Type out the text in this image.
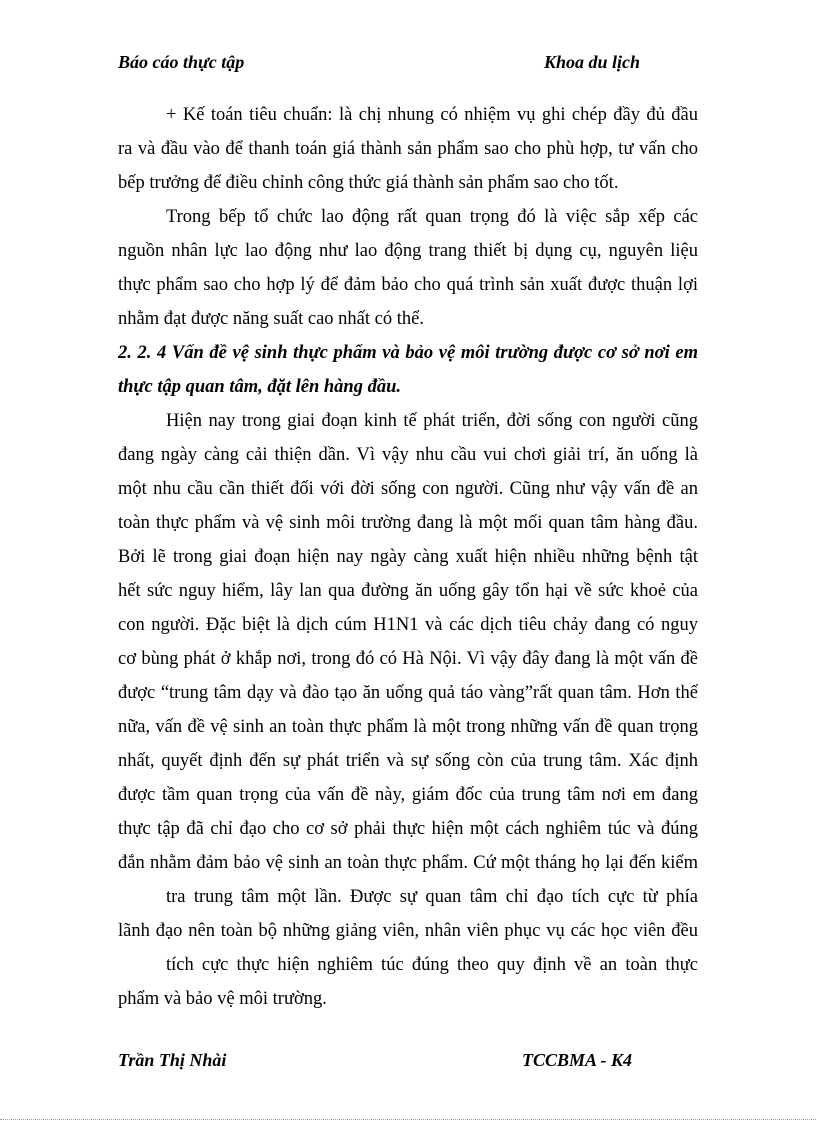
Báo cáo thực tập	Khoa du lịch
+ Kế toán tiêu chuẩn: là chị nhung có nhiệm vụ ghi chép đầy đủ đầu
ra và đầu vào để thanh toán giá thành sản phẩm sao cho phù hợp, tư vấn cho
bếp trưởng để điều chỉnh công thức giá thành sản phẩm sao cho tốt.
Trong bếp tổ chức lao động rất quan trọng đó là việc sắp xếp các
nguồn nhân lực lao động như lao động trang thiết bị dụng cụ, nguyên liệu
thực phẩm sao cho hợp lý để đảm bảo cho quá trình sản xuất được thuận lợi
nhằm đạt được năng suất cao nhất có thể.
2. 2. 4 Vấn đề vệ sinh thực phẩm và bảo vệ môi trường được cơ sở nơi em
thực tập quan tâm, đặt lên hàng đầu.
Hiện nay trong giai đoạn kinh tế phát triển, đời sống con người cũng
đang ngày càng cải thiện dần. Vì vậy nhu cầu vui chơi giải trí, ăn uống là
một nhu cầu cần thiết đối với đời sống con người. Cũng như vậy vấn đề an
toàn thực phẩm và vệ sinh môi trường đang là một mối quan tâm hàng đầu.
Bởi lẽ trong giai đoạn hiện nay ngày càng xuất hiện nhiều những bệnh tật
hết sức nguy hiểm, lây lan qua đường ăn uống gây tổn hại về sức khoẻ của
con người. Đặc biệt là dịch cúm H1N1 và các dịch tiêu chảy đang có nguy
cơ bùng phát ở khắp nơi, trong đó có Hà Nội. Vì vậy đây đang là một vấn đề
được “trung tâm dạy và đào tạo ăn uống quả táo vàng”rất quan tâm. Hơn thế
nữa, vấn đề vệ sinh an toàn thực phẩm là một trong những vấn đề quan trọng
nhất, quyết định đến sự phát triển và sự sống còn của trung tâm. Xác định
được tầm quan trọng của vấn đề này, giám đốc của trung tâm nơi em đang
thực tập đã chỉ đạo cho cơ sở phải thực hiện một cách nghiêm túc và đúng
đắn nhằm đảm bảo vệ sinh an toàn thực phẩm. Cứ một tháng họ lại đến kiểm
tra trung tâm một lần. Được sự quan tâm chỉ đạo tích cực từ phía
lãnh đạo nên toàn bộ những giảng viên, nhân viên phục vụ các học viên đều
tích cực thực hiện nghiêm túc đúng theo quy định về an toàn thực
phẩm và bảo vệ môi trường.
Trần Thị Nhài	TCCBMA - K4
